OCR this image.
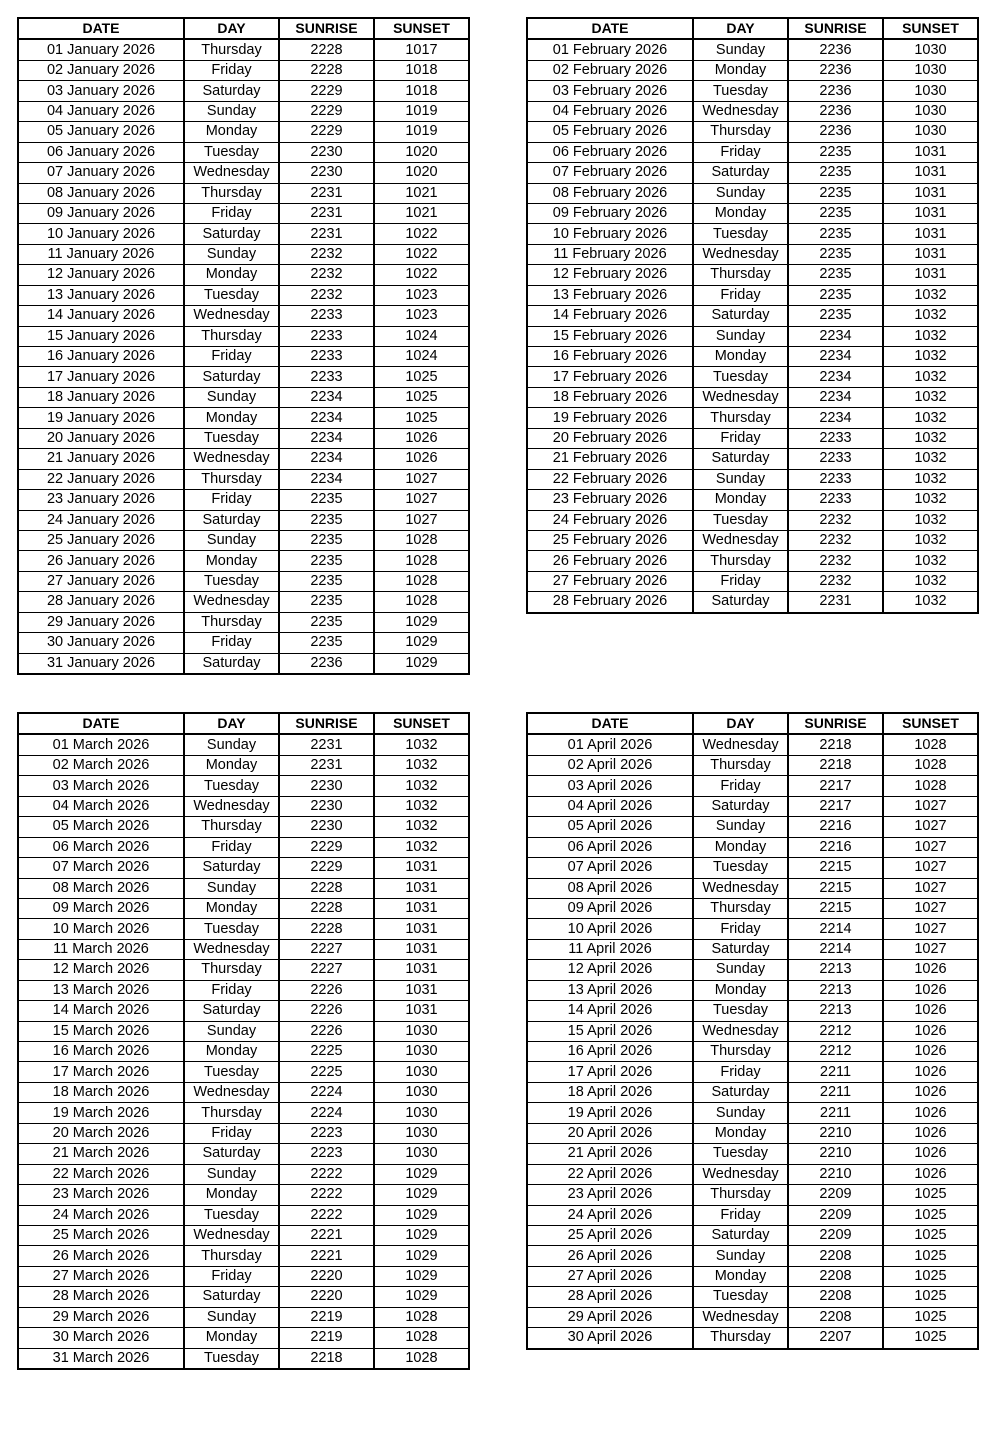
DATE	DAY	SUNRISE	SUNSET
01 January 2026	Thursday	2228	1017
02 January 2026	Friday	2228	1018
03 January 2026	Saturday	2229	1018
04 January 2026	Sunday	2229	1019
05 January 2026	Monday	2229	1019
06 January 2026	Tuesday	2230	1020
07 January 2026	Wednesday	2230	1020
08 January 2026	Thursday	2231	1021
09 January 2026	Friday	2231	1021
10 January 2026	Saturday	2231	1022
11 January 2026	Sunday	2232	1022
12 January 2026	Monday	2232	1022
13 January 2026	Tuesday	2232	1023
14 January 2026	Wednesday	2233	1023
15 January 2026	Thursday	2233	1024
16 January 2026	Friday	2233	1024
17 January 2026	Saturday	2233	1025
18 January 2026	Sunday	2234	1025
19 January 2026	Monday	2234	1025
20 January 2026	Tuesday	2234	1026
21 January 2026	Wednesday	2234	1026
22 January 2026	Thursday	2234	1027
23 January 2026	Friday	2235	1027
24 January 2026	Saturday	2235	1027
25 January 2026	Sunday	2235	1028
26 January 2026	Monday	2235	1028
27 January 2026	Tuesday	2235	1028
28 January 2026	Wednesday	2235	1028
29 January 2026	Thursday	2235	1029
30 January 2026	Friday	2235	1029
31 January 2026	Saturday	2236	1029
DATE	DAY	SUNRISE	SUNSET
01 February 2026	Sunday	2236	1030
02 February 2026	Monday	2236	1030
03 February 2026	Tuesday	2236	1030
04 February 2026	Wednesday	2236	1030
05 February 2026	Thursday	2236	1030
06 February 2026	Friday	2235	1031
07 February 2026	Saturday	2235	1031
08 February 2026	Sunday	2235	1031
09 February 2026	Monday	2235	1031
10 February 2026	Tuesday	2235	1031
11 February 2026	Wednesday	2235	1031
12 February 2026	Thursday	2235	1031
13 February 2026	Friday	2235	1032
14 February 2026	Saturday	2235	1032
15 February 2026	Sunday	2234	1032
16 February 2026	Monday	2234	1032
17 February 2026	Tuesday	2234	1032
18 February 2026	Wednesday	2234	1032
19 February 2026	Thursday	2234	1032
20 February 2026	Friday	2233	1032
21 February 2026	Saturday	2233	1032
22 February 2026	Sunday	2233	1032
23 February 2026	Monday	2233	1032
24 February 2026	Tuesday	2232	1032
25 February 2026	Wednesday	2232	1032
26 February 2026	Thursday	2232	1032
27 February 2026	Friday	2232	1032
28 February 2026	Saturday	2231	1032
DATE	DAY	SUNRISE	SUNSET
01 March 2026	Sunday	2231	1032
02 March 2026	Monday	2231	1032
03 March 2026	Tuesday	2230	1032
04 March 2026	Wednesday	2230	1032
05 March 2026	Thursday	2230	1032
06 March 2026	Friday	2229	1032
07 March 2026	Saturday	2229	1031
08 March 2026	Sunday	2228	1031
09 March 2026	Monday	2228	1031
10 March 2026	Tuesday	2228	1031
11 March 2026	Wednesday	2227	1031
12 March 2026	Thursday	2227	1031
13 March 2026	Friday	2226	1031
14 March 2026	Saturday	2226	1031
15 March 2026	Sunday	2226	1030
16 March 2026	Monday	2225	1030
17 March 2026	Tuesday	2225	1030
18 March 2026	Wednesday	2224	1030
19 March 2026	Thursday	2224	1030
20 March 2026	Friday	2223	1030
21 March 2026	Saturday	2223	1030
22 March 2026	Sunday	2222	1029
23 March 2026	Monday	2222	1029
24 March 2026	Tuesday	2222	1029
25 March 2026	Wednesday	2221	1029
26 March 2026	Thursday	2221	1029
27 March 2026	Friday	2220	1029
28 March 2026	Saturday	2220	1029
29 March 2026	Sunday	2219	1028
30 March 2026	Monday	2219	1028
31 March 2026	Tuesday	2218	1028
DATE	DAY	SUNRISE	SUNSET
01 April 2026	Wednesday	2218	1028
02 April 2026	Thursday	2218	1028
03 April 2026	Friday	2217	1028
04 April 2026	Saturday	2217	1027
05 April 2026	Sunday	2216	1027
06 April 2026	Monday	2216	1027
07 April 2026	Tuesday	2215	1027
08 April 2026	Wednesday	2215	1027
09 April 2026	Thursday	2215	1027
10 April 2026	Friday	2214	1027
11 April 2026	Saturday	2214	1027
12 April 2026	Sunday	2213	1026
13 April 2026	Monday	2213	1026
14 April 2026	Tuesday	2213	1026
15 April 2026	Wednesday	2212	1026
16 April 2026	Thursday	2212	1026
17 April 2026	Friday	2211	1026
18 April 2026	Saturday	2211	1026
19 April 2026	Sunday	2211	1026
20 April 2026	Monday	2210	1026
21 April 2026	Tuesday	2210	1026
22 April 2026	Wednesday	2210	1026
23 April 2026	Thursday	2209	1025
24 April 2026	Friday	2209	1025
25 April 2026	Saturday	2209	1025
26 April 2026	Sunday	2208	1025
27 April 2026	Monday	2208	1025
28 April 2026	Tuesday	2208	1025
29 April 2026	Wednesday	2208	1025
30 April 2026	Thursday	2207	1025
